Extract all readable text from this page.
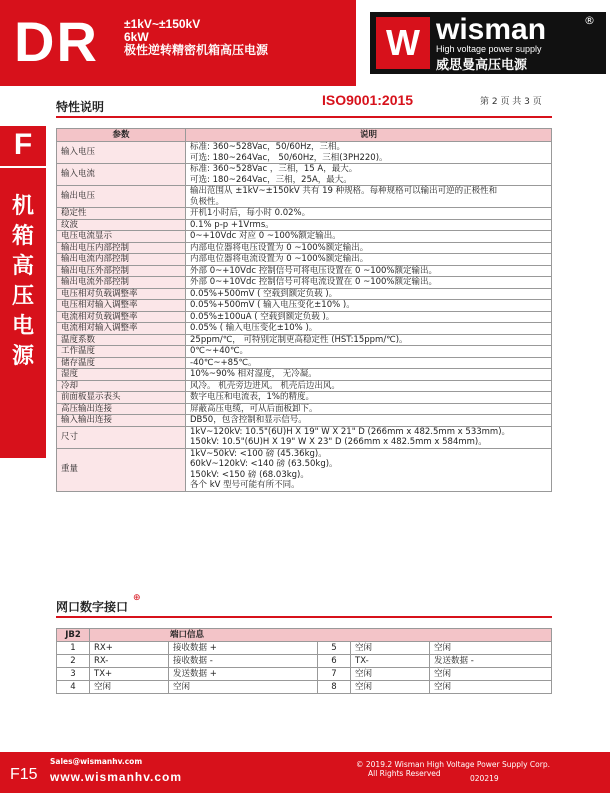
DR ±1kV~±150kV
6kW
极性逆转精密机箱高压电源	W wisman	®
High voltage power supply
威思曼高压电源
F
机
箱
高
压
电
源
特性说明	ISO9001:2015	第 2 页 共 3 页
参数	说明
输入电压	标准: 360~528Vac，50/60Hz，三相。
可选: 180~264Vac， 50/60Hz，三相(3PH220)。

输入电流	标准: 360~528Vac ，三相，15 A，最大。
可选: 180~264Vac，三相，25A，最大。

输出电压	输出范围从 ±1kV~±150kV 共有 19 种规格。每种规格可以输出可逆的正极性和
负极性。

稳定性	开机1小时后，每小时 0.02%。

纹波	0.1% p-p +1Vrms。

电压电流显示	0~+10Vdc 对应 0 ~100%额定输出。

输出电压内部控制	内部电位器将电压设置为 0 ~100%额定输出。

输出电流内部控制	内部电位器将电流设置为 0 ~100%额定输出。

输出电压外部控制	外部 0~+10Vdc 控制信号可将电压设置在 0 ~100%额定输出。

输出电流外部控制	外部 0~+10Vdc 控制信号可将电流设置在 0 ~100%额定输出。

电压相对负载调整率	0.05%+500mV ( 空载到额定负载 )。

电压相对输入调整率	0.05%+500mV ( 输入电压变化±10% )。

电流相对负载调整率	0.05%±100uA ( 空载到额定负载 )。

电流相对输入调整率	0.05% ( 输入电压变化±10% )。

温度系数	25ppm/℃， 可特别定制更高稳定性 (HST:15ppm/℃)。

工作温度	0℃~+40℃。

储存温度	-40℃~+85℃。

湿度	10%~90% 相对湿度， 无冷凝。

冷却	风冷。 机壳旁边进风。 机壳后边出风。

前面板显示表头	数字电压和电流表，1%的精度。

高压输出连接	屏蔽高压电缆，可从后面板卸下。

输入输出连接	DB50，包含控制和显示信号。

尺寸	1kV~120kV: 10.5"(6U)H X 19" W X 21" D (266mm x 482.5mm x 533mm)。
150kV: 10.5"(6U)H X 19" W X 23" D (266mm x 482.5mm x 584mm)。

重量	1kV~50kV: <100 磅 (45.36kg)。
60kV~120kV: <140 磅 (63.50kg)。
150kV: <150 磅 (68.03kg)。
各个 kV 型号可能有所不同。
网口数字接口
⊕
JB2	端口信息				
1	RX+	接收数据 +	5	空闲	空闲
2	RX-	接收数据 -	6	TX-	发送数据 -
3	TX+	发送数据 +	7	空闲	空闲
4	空闲	空闲	8	空闲	空闲
F15
Sales@wismanhv.com
www.wismanhv.com
© 2019.2 Wisman High Voltage Power Supply Corp.
All Rights Reserved
020219
